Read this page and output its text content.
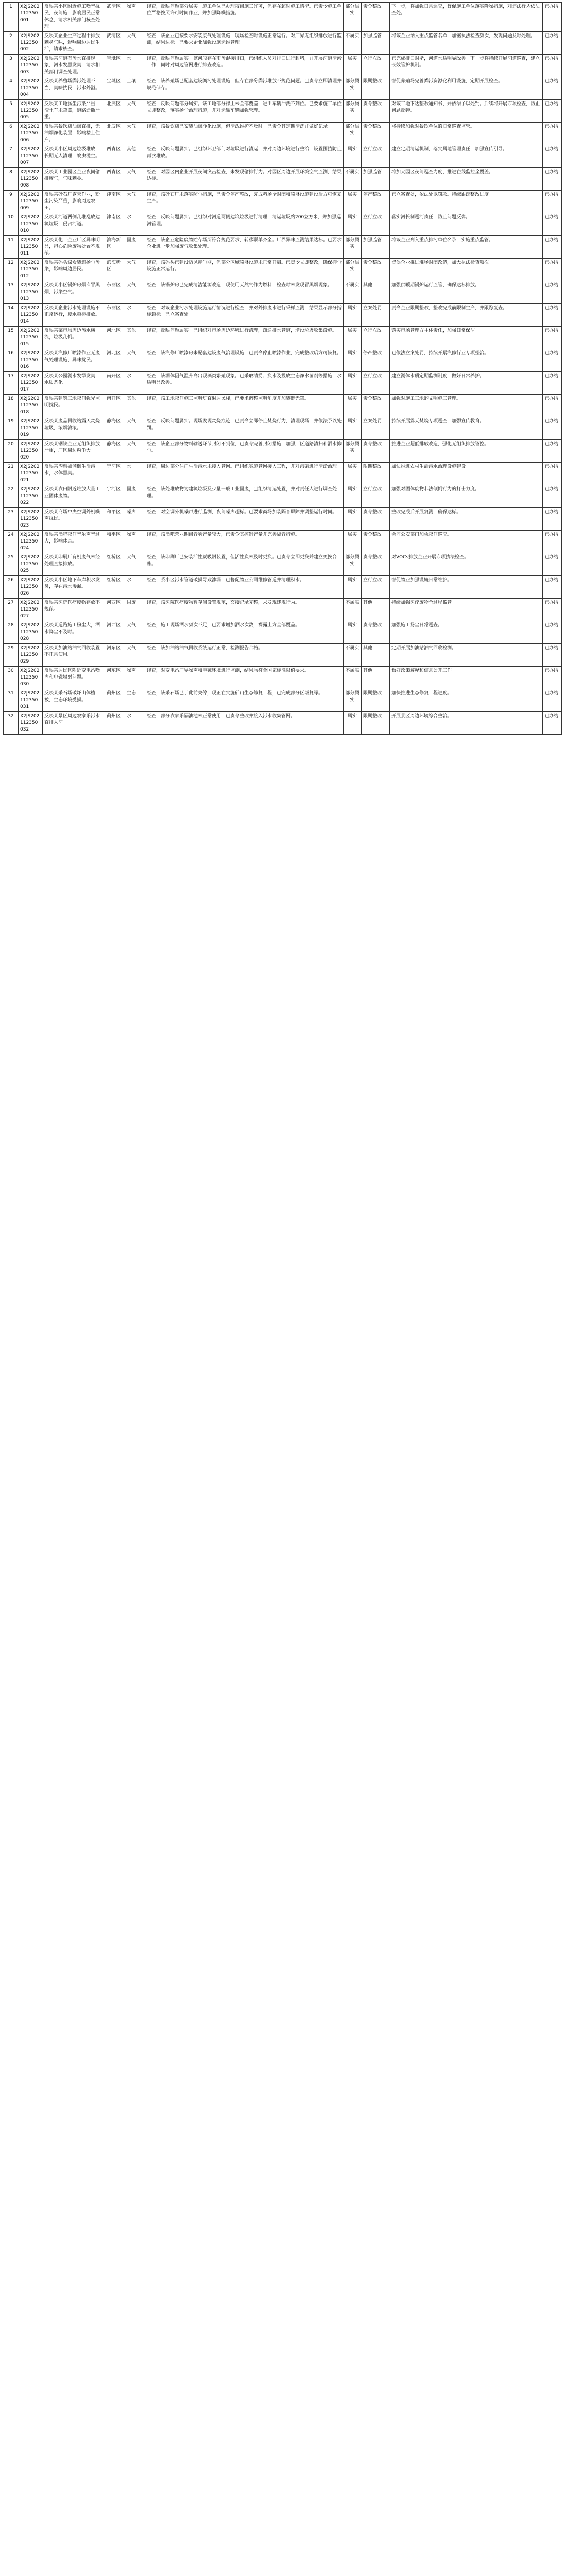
1	X2JS202112350001	反映某小区附近施工噪音扰民，夜间施工影响居民正常休息，请求相关部门核查处理。	武清区	噪声	经查，反映问题部分属实。施工单位已办理夜间施工许可，但存在超时施工情况。已责令施工单位严格按照许可时间作业，并加强降噪措施。	部分属实	责令整改	下一步，将加强日常巡查，督促施工单位落实降噪措施，对违法行为依法查处。	已办结
2	X2JS202112350002	反映某企业生产过程中排放刺鼻气味，影响周边居民生活，请求核查。	武清区	大气	经查，该企业已按要求安装废气处理设施，现场检查时设施正常运行。对厂界无组织排放进行监测，结果达标。已要求企业加强设施运维管理。	不属实	加强监管	将该企业纳入重点监管名单，加密执法检查频次，发现问题及时处理。	已办结
3	X2JS202112350003	反映某河道有污水直排现象，河水发黑发臭，请求相关部门调查处理。	宝坻区	水	经查，反映问题属实。该河段存在雨污混接排口，已组织人员对排口进行封堵，并开展河道清淤工作，同时对周边管网进行排查改造。	属实	立行立改	已完成排口封堵，河道水质明显改善。下一步将持续开展河道巡查，建立长效管护机制。	已办结
4	X2JS202112350004	反映某养殖场粪污处理不当，臭味扰民，污水外溢。	宝坻区	土壤	经查，该养殖场已配套建设粪污处理设施，但存在部分粪污堆放不规范问题。已责令立即清理并规范储存。	部分属实	限期整改	督促养殖场完善粪污资源化利用设施，定期开展检查。	已办结
5	X2JS202112350005	反映某工地扬尘污染严重，渣土车未苫盖，道路遗撒严重。	北辰区	大气	经查，反映问题部分属实。该工地部分裸土未全部覆盖，进出车辆冲洗不到位。已要求施工单位立即整改，落实扬尘治理措施，并对运输车辆加强管理。	部分属实	责令整改	对该工地下达整改通知书，并依法予以处罚。后续将开展专项检查，防止问题反弹。	已办结
6	X2JS202112350006	反映某餐饮店油烟直排，无油烟净化装置，影响楼上住户。	北辰区	大气	经查，该餐饮店已安装油烟净化设施，但清洗维护不及时。已责令其定期清洗并做好记录。	部分属实	责令整改	将持续加强对餐饮单位的日常巡查监管。	已办结
7	X2JS202112350007	反映某小区周边垃圾堆放，长期无人清理，蚊虫滋生。	西青区	其他	经查，反映问题属实。已组织环卫部门对垃圾进行清运，并对周边环境进行整治，设置围挡防止再次堆放。	属实	立行立改	建立定期清运机制，落实属地管理责任，加强宣传引导。	已办结
8	X2JS202112350008	反映某工业园区企业夜间偷排废气，气味刺鼻。	西青区	大气	经查，对园区内企业开展夜间突击检查，未发现偷排行为。对园区周边开展环境空气监测，结果达标。	不属实	加强监管	将加大园区夜间巡查力度，推进在线监控全覆盖。	已办结
9	X2JS202112350009	反映某砂石厂露天作业，粉尘污染严重，影响周边农田。	津南区	大气	经查，该砂石厂未落实防尘措施，已责令停产整改，完成料场全封闭和喷淋设施建设后方可恢复生产。	属实	停产整改	已立案查处，依法处以罚款。持续跟踪整改进度。	已办结
10	X2JS202112350010	反映某河道两侧乱堆乱放建筑垃圾，侵占河道。	津南区	水	经查，反映问题属实。已组织对河道两侧建筑垃圾进行清理，清运垃圾约200立方米，并加强巡河管理。	属实	立行立改	落实河长制巡河责任，防止问题反弹。	已办结
11	X2JS202112350011	反映某化工企业厂区异味明显，担心危险废物处置不规范。	滨海新区	固废	经查，该企业危险废物贮存场所符合规范要求，转移联单齐全。厂界异味监测结果达标。已要求企业进一步加强废气收集处理。	部分属实	加强监管	将该企业列入重点排污单位名录，实施重点监管。	已办结
12	X2JS202112350012	反映某码头煤炭装卸扬尘污染，影响周边居民。	滨海新区	大气	经查，该码头已建设防风抑尘网，但部分区域喷淋设施未正常开启。已责令立即整改，确保抑尘设施正常运行。	部分属实	责令整改	督促企业推进堆场封闭改造，加大执法检查频次。	已办结
13	X2JS202112350013	反映某小区锅炉房烟囱冒黑烟，污染空气。	东丽区	大气	经查，该锅炉房已完成清洁能源改造，现使用天然气作为燃料，检查时未发现冒黑烟现象。	不属实	其他	加强供暖期锅炉运行监管，确保达标排放。	已办结
14	X2JS202112350014	反映某企业污水处理设施不正常运行，废水超标排放。	东丽区	水	经查，对该企业污水处理设施运行情况进行检查，并对外排废水进行采样监测，结果显示部分指标超标。已立案查处。	属实	立案处罚	责令企业限期整改，整改完成前限制生产，并跟踪复查。	已办结
15	X2JS202112350015	反映某菜市场周边污水横流，垃圾乱倒。	河北区	其他	经查，反映问题属实。已组织对市场周边环境进行清理，疏通排水管道，增设垃圾收集设施。	属实	立行立改	落实市场管理方主体责任，加强日常保洁。	已办结
16	X2JS202112350016	反映某汽修厂喷漆作业无废气处理设施，异味扰民。	河北区	大气	经查，该汽修厂喷漆房未配套建设废气治理设施，已责令停止喷漆作业，完成整改后方可恢复。	属实	停产整改	已依法立案处罚，持续开展汽修行业专项整治。	已办结
17	X2JS202112350017	反映某公园湖水发绿发臭，水质恶化。	南开区	水	经查，该湖体因气温升高出现藻类繁殖现象。已采取清捞、换水及投放生态净水菌剂等措施，水质明显改善。	属实	立行立改	建立湖体水质定期监测制度，做好日常养护。	已办结
18	X2JS202112350018	反映某建筑工地夜间强光照明扰民。	南开区	其他	经查，该工地夜间施工照明灯直射居民楼，已要求调整照明角度并加装遮光罩。	属实	责令整改	加强对施工工地的文明施工管理。	已办结
19	X2JS202112350019	反映某废品回收站露天焚烧垃圾，浓烟滚滚。	静海区	大气	经查，反映问题属实。现场发现焚烧痕迹，已责令立即停止焚烧行为，清理现场，并依法予以处罚。	属实	立案处罚	持续开展露天焚烧专项巡查，加强宣传教育。	已办结
20	X2JS202112350020	反映某钢铁企业无组织排放严重，厂区周边粉尘大。	静海区	大气	经查，该企业部分物料输送环节封闭不到位，已责令完善封闭措施，加强厂区道路清扫和洒水抑尘。	部分属实	责令整改	推进企业超低排放改造，强化无组织排放管控。	已办结
21	X2JS202112350021	反映某沟渠被倾倒生活污水，水体黑臭。	宁河区	水	经查，周边部分住户生活污水未接入管网。已组织实施管网接入工程，并对沟渠进行清淤治理。	属实	限期整改	加快推进农村生活污水治理设施建设。	已办结
22	X2JS202112350022	反映某农田附近堆放大量工业固体废物。	宁河区	固废	经查，该处堆放物为建筑垃圾及少量一般工业固废，已组织清运处置，并对责任人进行调查处理。	属实	立行立改	加强对固体废物非法倾倒行为的打击力度。	已办结
23	X2JS202112350023	反映某商场中央空调外机噪声扰民。	和平区	噪声	经查，对空调外机噪声进行监测，夜间噪声超标。已要求商场加装隔音屏障并调整运行时间。	属实	责令整改	整改完成后开展复测，确保达标。	已办结
24	X2JS202112350024	反映某酒吧夜间音乐声音过大，影响休息。	和平区	噪声	经查，该酒吧营业期间音响音量较大，已责令其控制音量并完善隔音措施。	属实	责令整改	会同公安部门加强夜间巡查。	已办结
25	X2JS202112350025	反映某印刷厂有机废气未经处理直接排放。	红桥区	大气	经查，该印刷厂已安装活性炭吸附装置，但活性炭未及时更换。已责令立即更换并建立更换台账。	部分属实	责令整改	对VOCs排放企业开展专项执法检查。	已办结
26	X2JS202112350026	反映某小区地下车库积水发臭，存在污水渗漏。	红桥区	水	经查，系小区污水管道破损导致渗漏，已督促物业公司维修管道并清理积水。	属实	立行立改	督促物业加强设施日常维护。	已办结
27	X2JS202112350027	反映某医院医疗废物存放不规范。	河西区	固废	经查，该医院医疗废物暂存间设置规范，交接记录完整，未发现违规行为。	不属实	其他	持续加强医疗废物全过程监管。	已办结
28	X2JS202112350028	反映某道路施工粉尘大，洒水降尘不及时。	河西区	大气	经查，施工现场洒水频次不足，已要求增加洒水次数，裸露土方全部覆盖。	属实	责令整改	加强施工扬尘日常巡查。	已办结
29	X2JS202112350029	反映某加油站油气回收装置不正常使用。	河东区	大气	经查，该加油站油气回收系统运行正常，检测报告合格。	不属实	其他	定期开展加油站油气回收检测。	已办结
30	X2JS202112350030	反映某居民区附近变电站噪声和电磁辐射问题。	河东区	噪声	经查，对变电站厂界噪声和电磁环境进行监测，结果均符合国家标准限值要求。	不属实	其他	做好政策解释和信息公开工作。	已办结
31	X2JS202112350031	反映某采石场破坏山体植被，生态环境受损。	蓟州区	生态	经查，该采石场已于此前关停，现正在实施矿山生态修复工程，已完成部分区域复绿。	部分属实	限期整改	加快推进生态修复工程进度。	已办结
32	X2JS202112350032	反映某景区周边农家乐污水直排入河。	蓟州区	水	经查，部分农家乐隔油池未正常使用，已责令整改并接入污水收集管网。	属实	限期整改	开展景区周边环境综合整治。	已办结
